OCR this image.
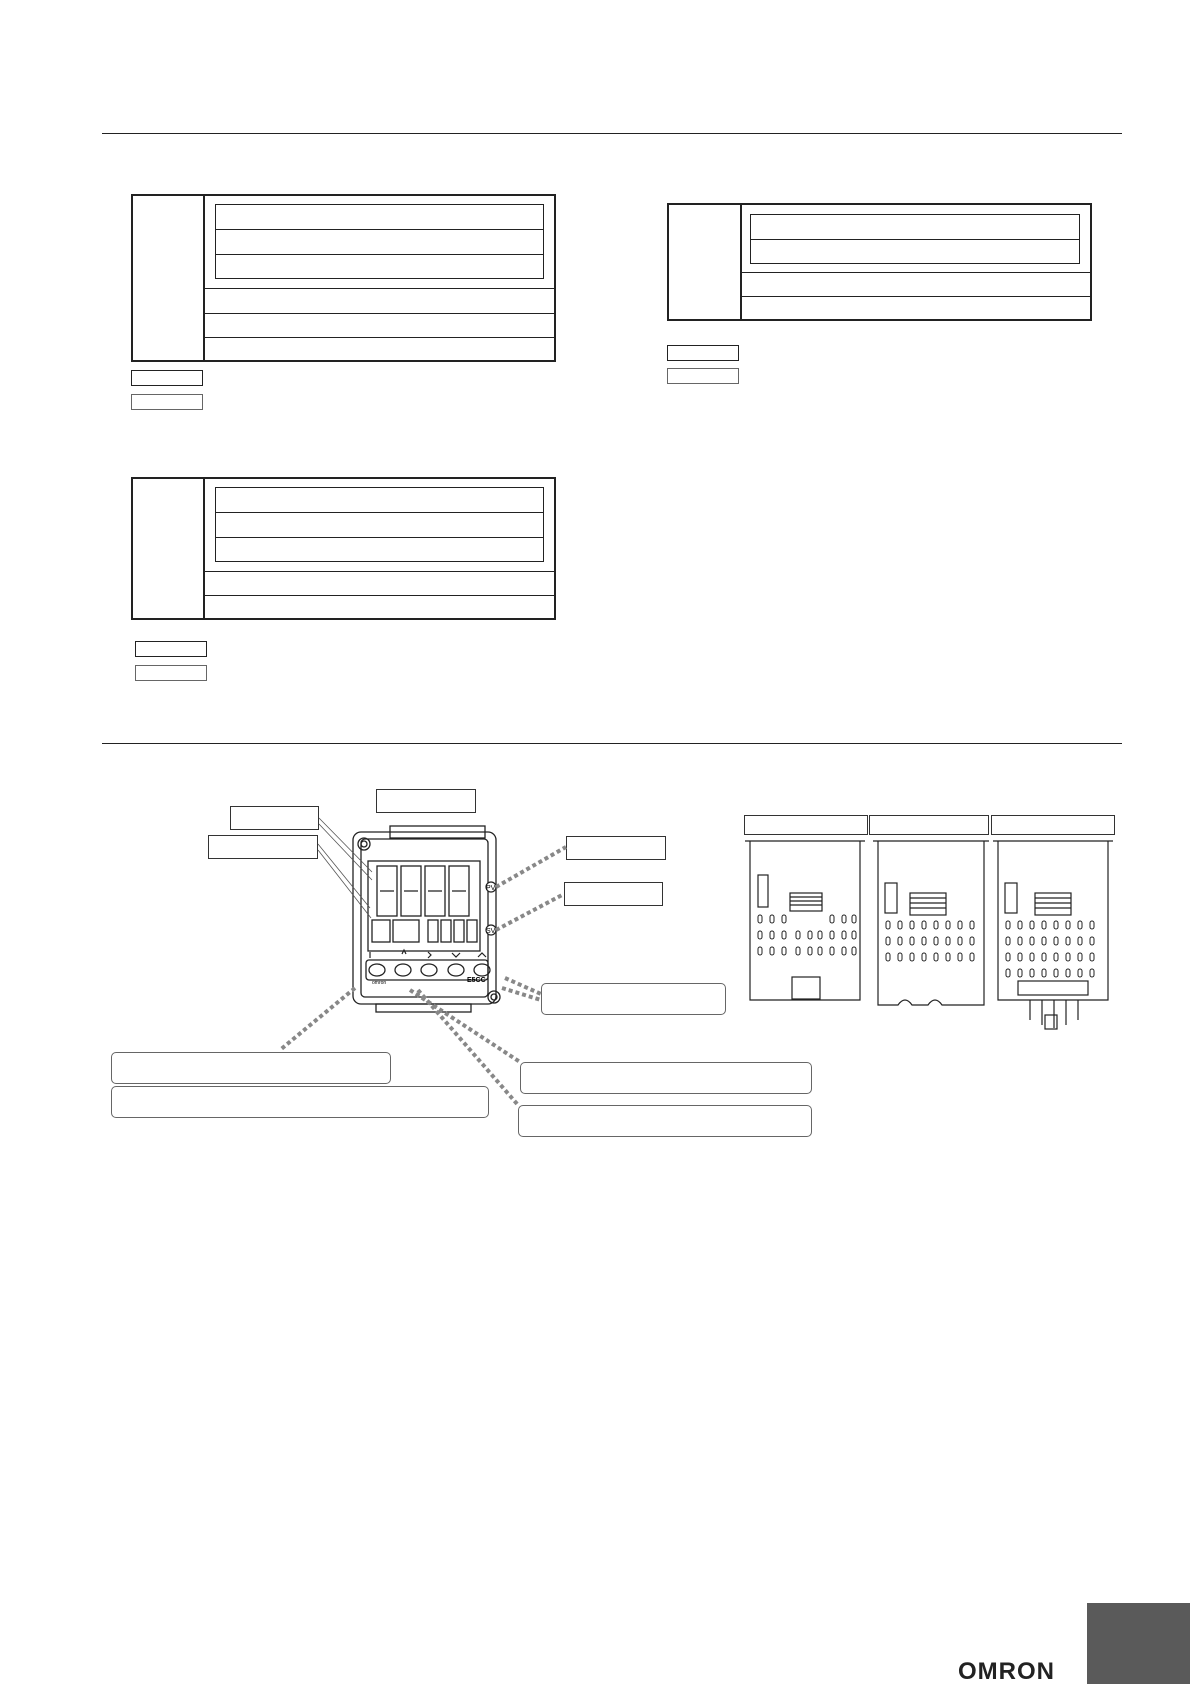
PV
SV
E5CC
omron
OMRON
